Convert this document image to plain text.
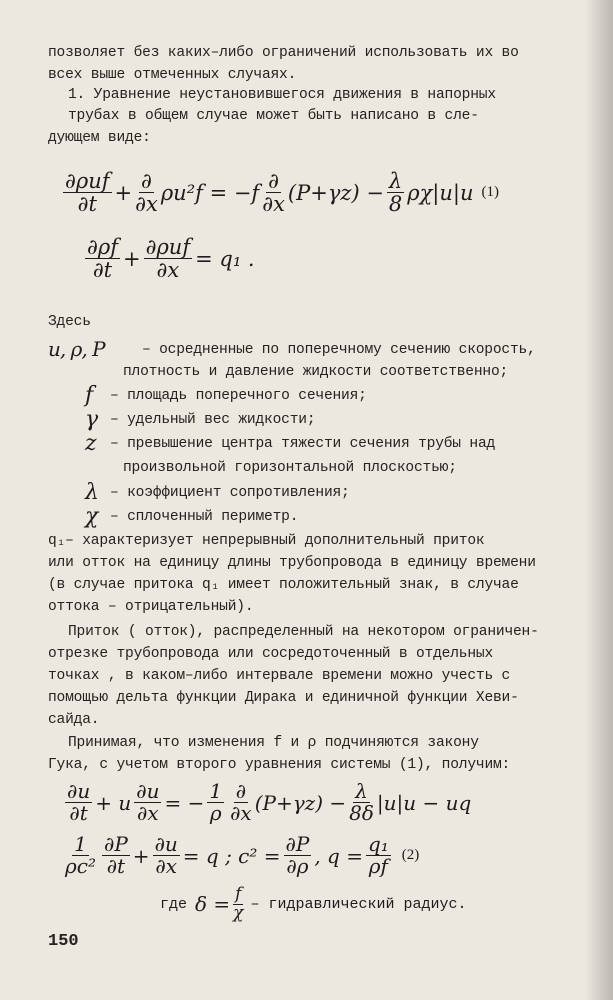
позволяет без каких–либо ограничений использовать их во
всех выше отмеченных случаях.
1. Уравнение неустановившегося движения в напорных
трубах в общем случае может быть написано в сле-
дующем виде:
∂ρuf
∂t + ∂
∂x ρu²f = −f ∂
∂x $(P+\gamma z) - \frac{\lambda}{8} \rho\chi|u|u$ (1)
∂ρf
∂t + ∂ρuf
∂x = q₁ .
Здесь
u, ρ, P	– осредненные по поперечному сечению скорость,
плотность и давление жидкости соответственно;
f – площадь поперечного сечения;
γ – удельный вес жидкости;
z – превышение центра тяжести сечения трубы над
произвольной горизонтальной плоскостью;
λ – коэффициент сопротивления;
χ – сплоченный периметр.
q₁– характеризует непрерывный дополнительный приток
или отток на единицу длины трубопровода в единицу времени
(в случае притока q₁ имеет положительный знак, в случае
оттока – отрицательный).
Приток ( отток), распределенный на некотором ограничен-
отрезке трубопровода или сосредоточенный в отдельных
точках , в каком–либо интервале времени можно учесть с
помощью дельта функции Дирака и единичной функции Хеви-
сайда.
Принимая, что изменения f и ρ подчиняются закону
Гука, с учетом второго уравнения системы (1), получим:
∂u
∂t + u $\frac{\partial u}{\partial x}$ = − $\frac{1}{\rho}$ ∂
∂x $(P+\gamma z) - \frac{\lambda}{8\delta} |u|u$ − uq
1
ρc²
∂P
$\partial t + \frac{\partial u}{\partial x} = q$ ; $c^2 = \frac{\partial P}{\partial\rho}$ , $q = \frac{\text{q₁}}{\rho f} (2)$
где $\delta = \frac{f}{\chi}$ – гидравлический радиус.
150
